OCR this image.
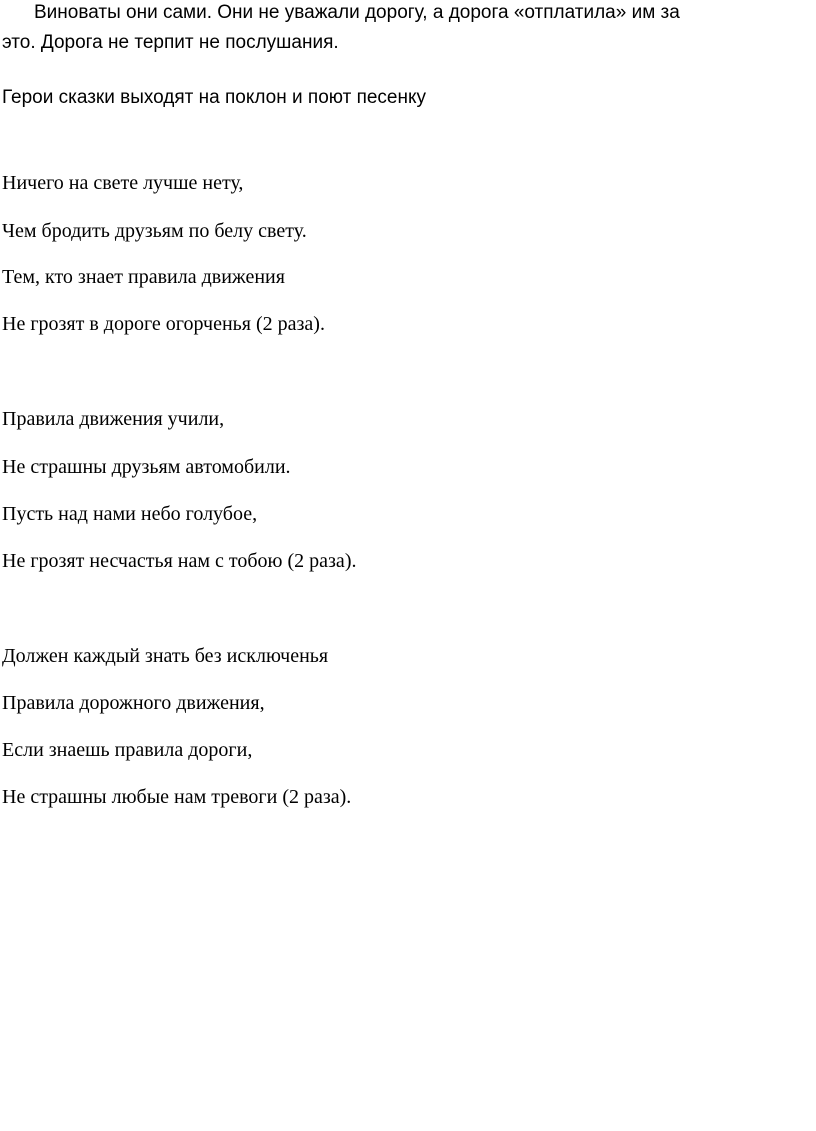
Виноваты они сами. Они не уважали дорогу, а дорога «отплатила» им за

это. Дорога не терпит не послушания.

Герои сказки выходят на поклон и поют песенку

Ничего на свете лучше нету,

Чем бродить друзьям по белу свету.

Тем, кто знает правила движения

Не грозят в дороге огорченья (2 раза).

Правила движения учили,

Не страшны друзьям автомобили.

Пусть над нами небо голубое,

Не грозят несчастья нам с тобою (2 раза).

Должен каждый знать без исключенья

Правила дорожного движения,

Если знаешь правила дороги,

Не страшны любые нам тревоги (2 раза).
